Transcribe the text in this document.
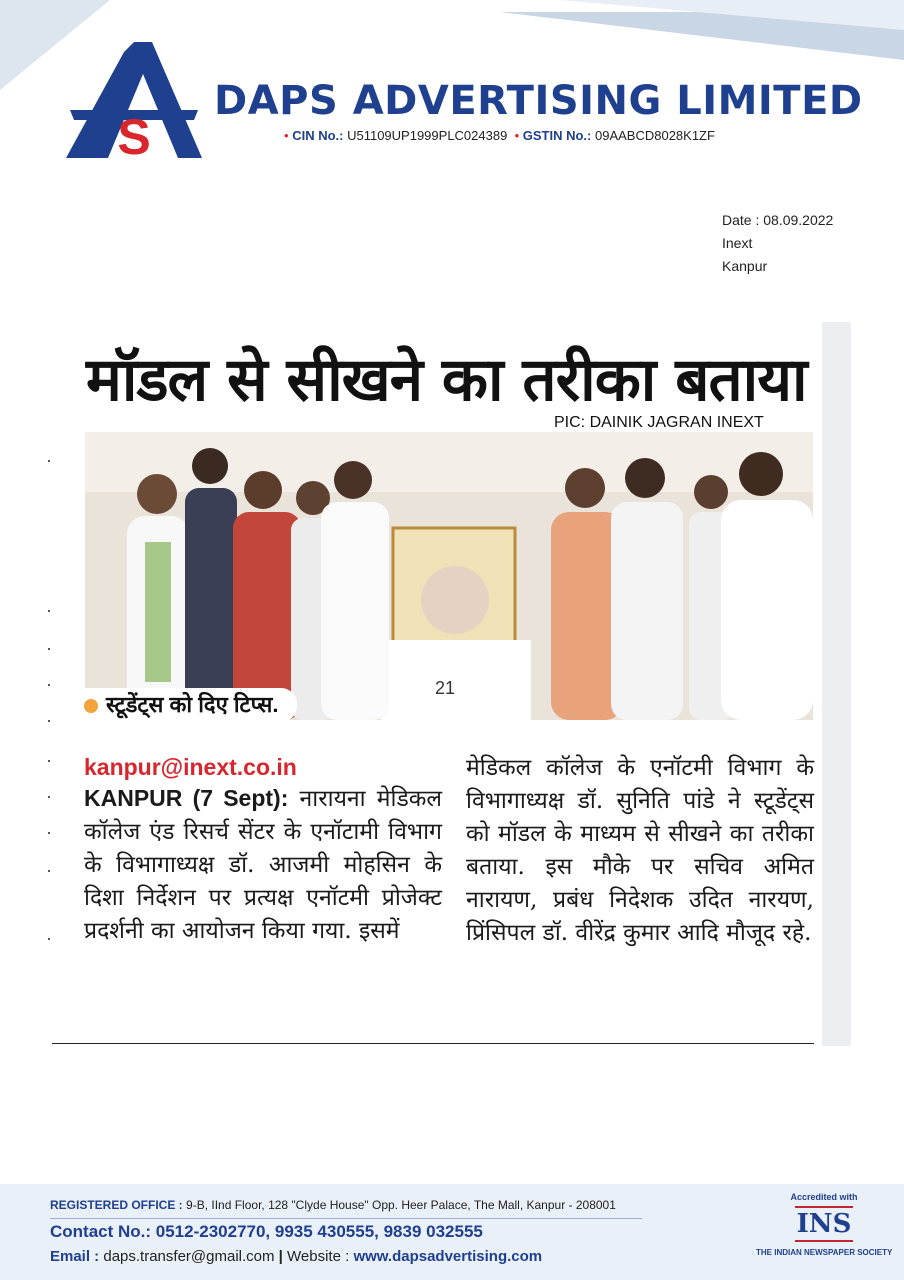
S
DAPS ADVERTISING LIMITED
• CIN No.: U51109UP1999PLC024389 • GSTIN No.: 09AABCD8028K1ZF
Date : 08.09.2022
Inext
Kanpur
मॉडल से सीखने का तरीका बताया
PIC: DAINIK JAGRAN INEXT
21
स्टूडेंट्स को दिए टिप्स.
kanpur@inext.co.in

KANPUR (7 Sept): नारायना मेडिकल कॉलेज एंड रिसर्च सेंटर के एनॉटामी विभाग के विभागाध्यक्ष डॉ. आजमी मोहसिन के दिशा निर्देशन पर प्रत्यक्ष एनॉटमी प्रोजेक्ट प्रदर्शनी का आयोजन किया गया. इसमें

मेडिकल कॉलेज के एनॉटमी विभाग के विभागाध्यक्ष डॉ. सुनिति पांडे ने स्टूडेंट्स को मॉडल के माध्यम से सीखने का तरीका बताया. इस मौके पर सचिव अमित नारायण, प्रबंध निदेशक उदित नारयण, प्रिंसिपल डॉ. वीरेंद्र कुमार आदि मौजूद रहे.

REGISTERED OFFICE : 9-B, IInd Floor, 128 "Clyde House" Opp. Heer Palace, The Mall, Kanpur - 208001
Contact No.: 0512-2302770, 9935 430555, 9839 032555
Email : daps.transfer@gmail.com | Website : www.dapsadvertising.com
Accredited with
INS
THE INDIAN NEWSPAPER SOCIETY
